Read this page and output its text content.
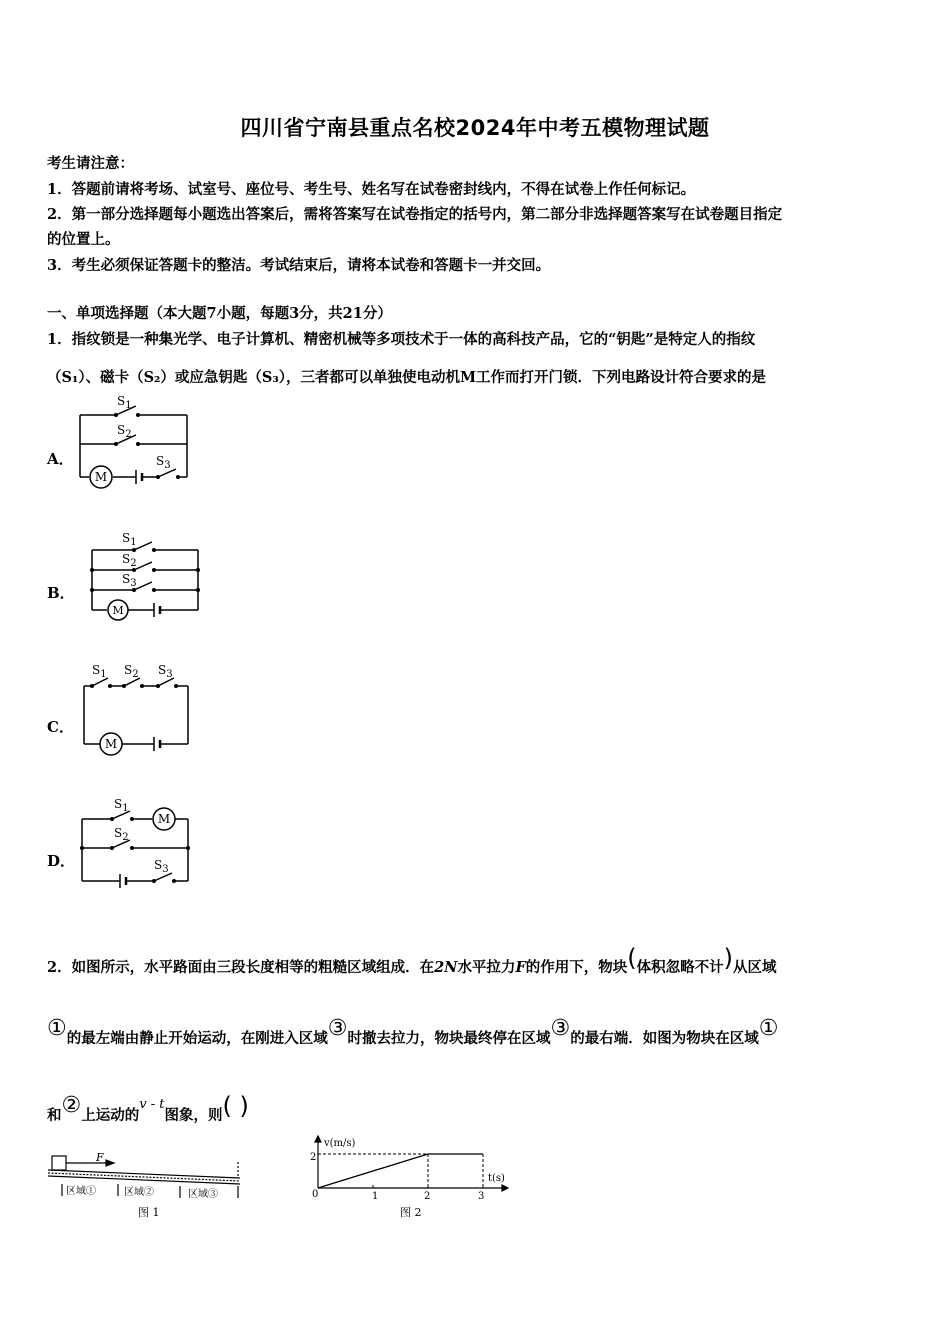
四川省宁南县重点名校2024年中考五模物理试题
考生请注意：
1．答题前请将考场、试室号、座位号、考生号、姓名写在试卷密封线内，不得在试卷上作任何标记。
2．第一部分选择题每小题选出答案后，需将答案写在试卷指定的括号内，第二部分非选择题答案写在试卷题目指定
的位置上。
3．考生必须保证答题卡的整洁。考试结束后，请将本试卷和答题卡一并交回。
一、单项选择题（本大题7小题，每题3分，共21分）
1．指纹锁是一种集光学、电子计算机、精密机械等多项技术于一体的高科技产品，它的“钥匙”是特定人的指纹
（S₁）、磁卡（S₂）或应急钥匙（S₃），三者都可以单独使电动机M工作而打开门锁．下列电路设计符合要求的是
A．
B．
C．
D．
$S_1$
$S_2$
$S_3$
M
$S_1$
$S_2$
$S_3$
M
$S_1$ $S_2$ $S_3$
M
$S_1$
$S_2$
$S_3$
M
2．如图所示，水平路面由三段长度相等的粗糙区域组成．在2N水平拉力F的作用下，物块(体积忽略不计)从区域
①的最左端由静止开始运动，在刚进入区域③时撤去拉力，物块最终停在区域③的最右端．如图为物块在区域①
和②上运动的v - t图象，则( )
F
区域①	区域②	区域③
图 1
v(m/s)
t(s)
0	1	2	3
2
图 2
